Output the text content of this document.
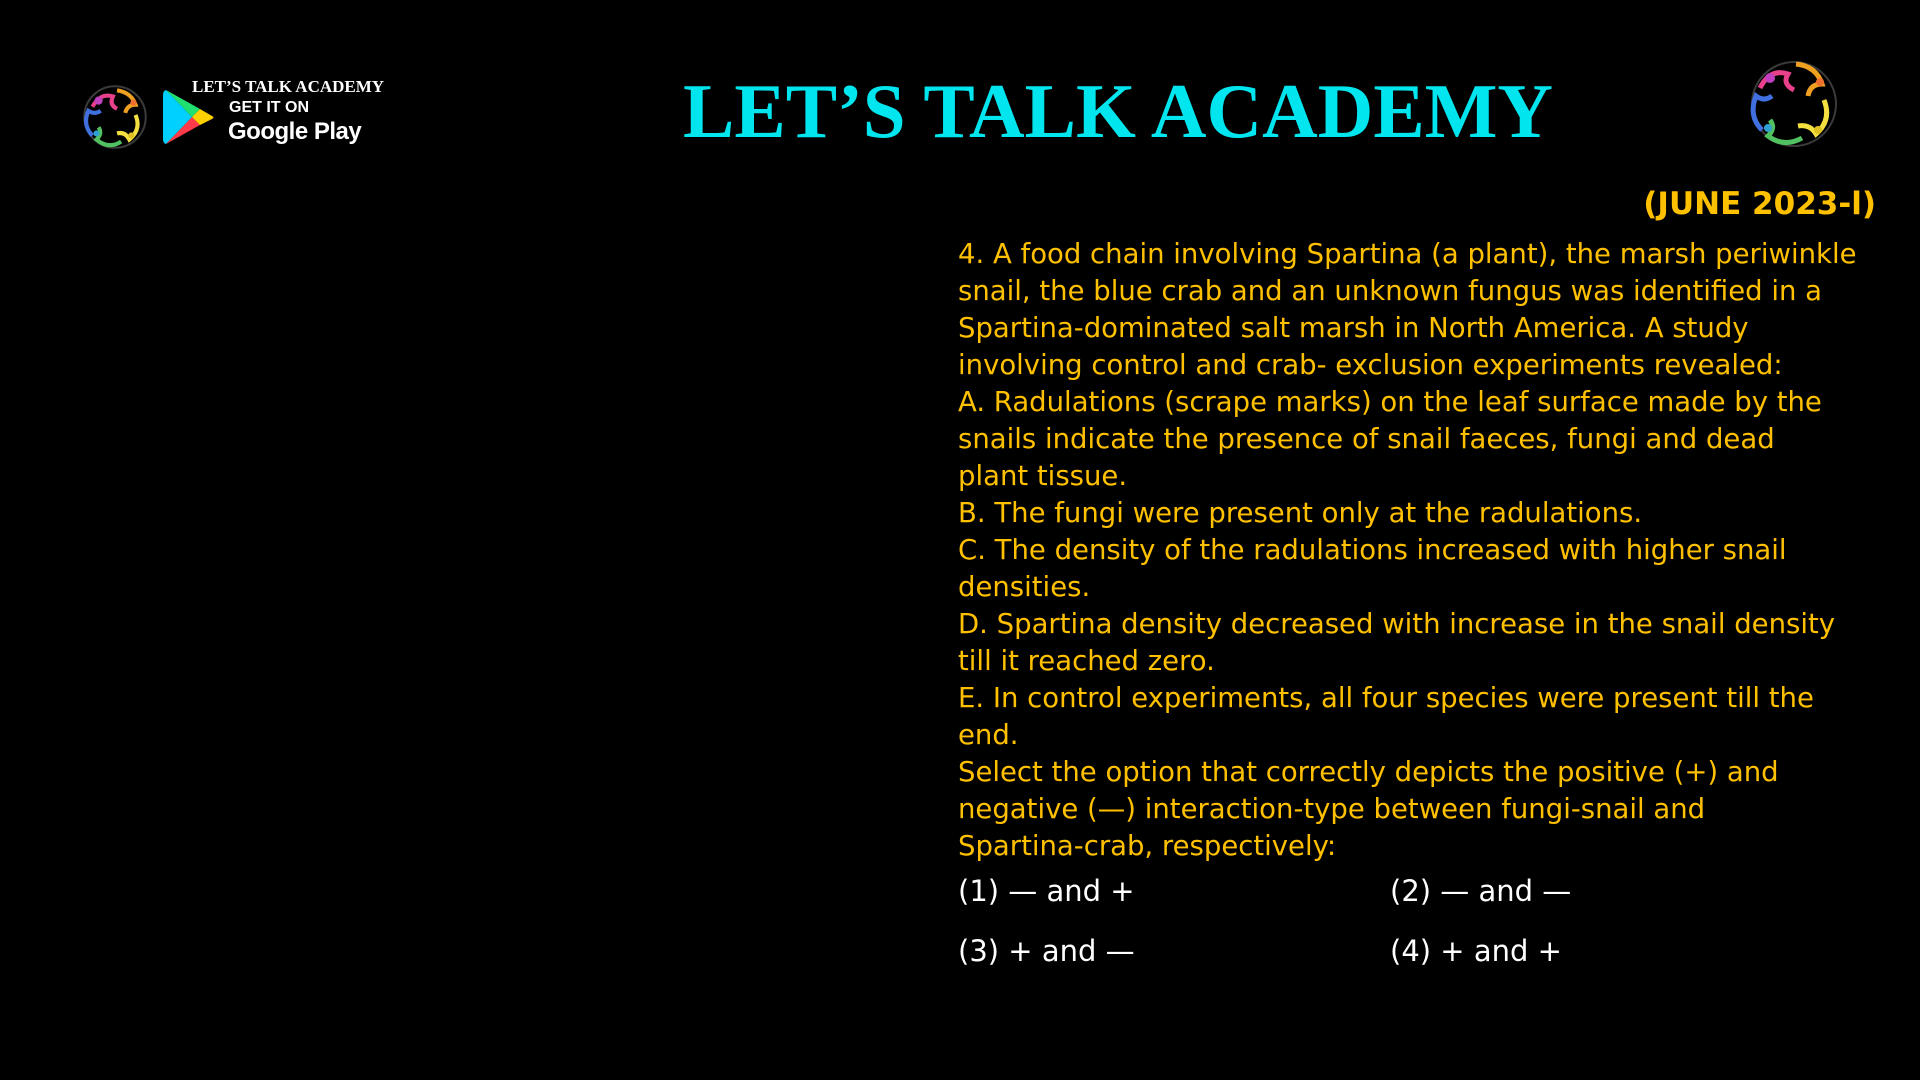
LET’S TALK ACADEMY
GET IT ON
Google Play	LET’S TALK ACADEMY
(JUNE 2023-l)
4. A food chain involving Spartina (a plant), the marsh periwinkle
snail, the blue crab and an unknown fungus was identified in a
Spartina-dominated salt marsh in North America. A study
involving control and crab- exclusion experiments revealed:
A. Radulations (scrape marks) on the leaf surface made by the
snails indicate the presence of snail faeces, fungi and dead
plant tissue.
B. The fungi were present only at the radulations.
C. The density of the radulations increased with higher snail
densities.
D. Spartina density decreased with increase in the snail density
till it reached zero.
E. In control experiments, all four species were present till the
end.
Select the option that correctly depicts the positive (+) and
negative (—) interaction-type between fungi-snail and
Spartina-crab, respectively:
(1) — and +	(2) — and —
(3) + and —	(4) + and +
